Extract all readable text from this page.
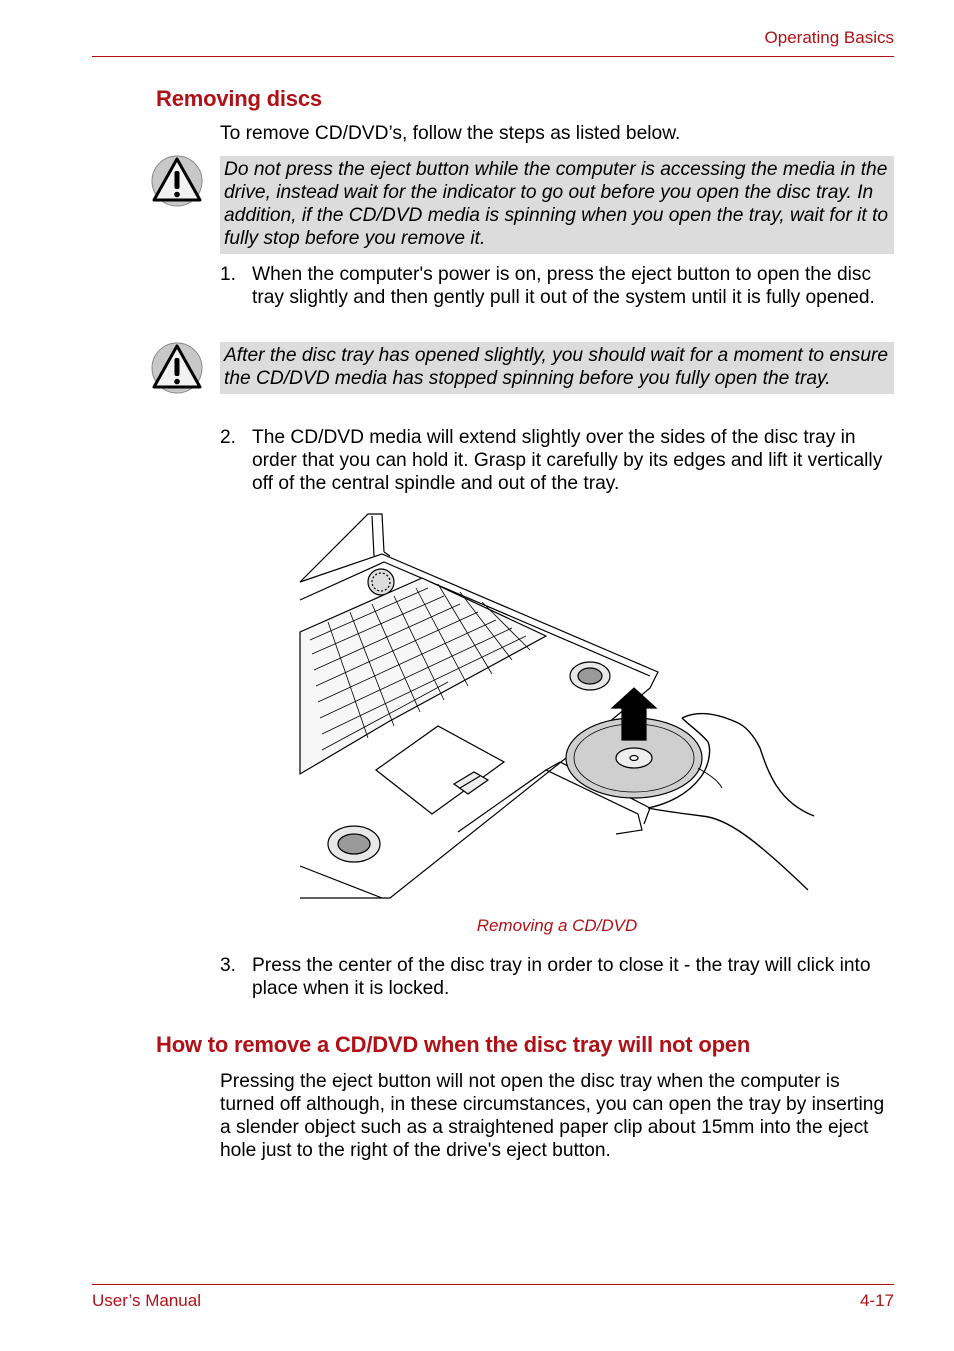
Operating Basics
Removing discs
To remove CD/DVD’s, follow the steps as listed below.
Do not press the eject button while the computer is accessing the media in the drive, instead wait for the indicator to go out before you open the disc tray. In addition, if the CD/DVD media is spinning when you open the tray, wait for it to fully stop before you remove it.
1. When the computer's power is on, press the eject button to open the disc tray slightly and then gently pull it out of the system until it is fully opened.
After the disc tray has opened slightly, you should wait for a moment to ensure the CD/DVD media has stopped spinning before you fully open the tray.
2. The CD/DVD media will extend slightly over the sides of the disc tray in order that you can hold it. Grasp it carefully by its edges and lift it vertically off of the central spindle and out of the tray.
Removing a CD/DVD
3. Press the center of the disc tray in order to close it - the tray will click into place when it is locked.
How to remove a CD/DVD when the disc tray will not open
Pressing the eject button will not open the disc tray when the computer is turned off although, in these circumstances, you can open the tray by inserting a slender object such as a straightened paper clip about 15mm into the eject hole just to the right of the drive's eject button.
User’s Manual	4-17
